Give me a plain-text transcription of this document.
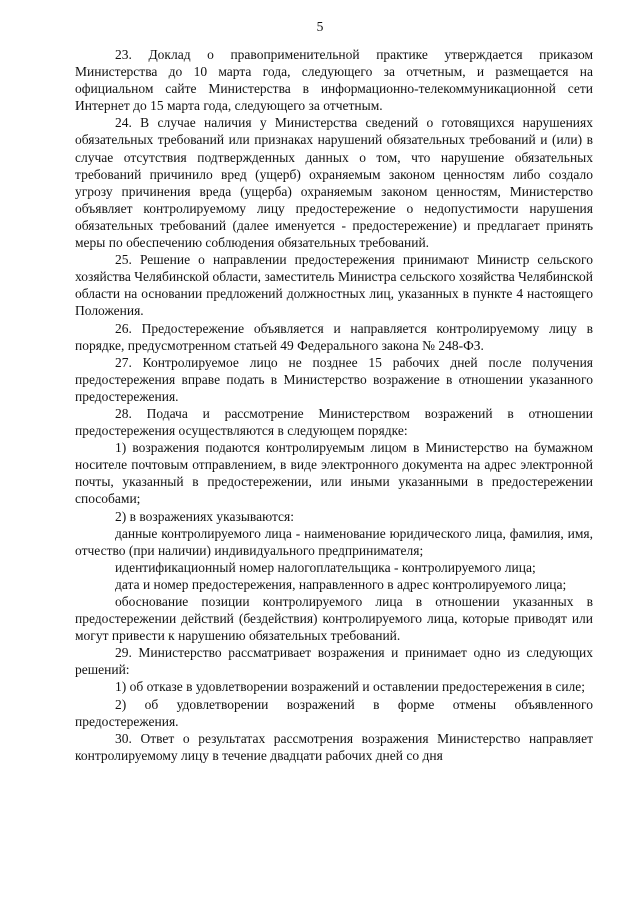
5

23. Доклад о правоприменительной практике утверждается приказом Министерства до 10 марта года, следующего за отчетным, и размещается на официальном сайте Министерства в информационно-телекоммуникационной сети Интернет до 15 марта года, следующего за отчетным.

24. В случае наличия у Министерства сведений о готовящихся нарушениях обязательных требований или признаках нарушений обязательных требований и (или) в случае отсутствия подтвержденных данных о том, что нарушение обязательных требований причинило вред (ущерб) охраняемым законом ценностям либо создало угрозу причинения вреда (ущерба) охраняемым законом ценностям, Министерство объявляет контролируемому лицу предостережение о недопустимости нарушения обязательных требований (далее именуется - предостережение) и предлагает принять меры по обеспечению соблюдения обязательных требований.

25. Решение о направлении предостережения принимают Министр сельского хозяйства Челябинской области, заместитель Министра сельского хозяйства Челябинской области на основании предложений должностных лиц, указанных в пункте 4 настоящего Положения.

26. Предостережение объявляется и направляется контролируемому лицу в порядке, предусмотренном статьей 49 Федерального закона № 248-ФЗ.

27. Контролируемое лицо не позднее 15 рабочих дней после получения предостережения вправе подать в Министерство возражение в отношении указанного предостережения.

28. Подача и рассмотрение Министерством возражений в отношении предостережения осуществляются в следующем порядке:

1) возражения подаются контролируемым лицом в Министерство на бумажном носителе почтовым отправлением, в виде электронного документа на адрес электронной почты, указанный в предостережении, или иными указанными в предостережении способами;

2) в возражениях указываются:

данные контролируемого лица - наименование юридического лица, фамилия, имя, отчество (при наличии) индивидуального предпринимателя;

идентификационный номер налогоплательщика - контролируемого лица;

дата и номер предостережения, направленного в адрес контролируемого лица;

обоснование позиции контролируемого лица в отношении указанных в предостережении действий (бездействия) контролируемого лица, которые приводят или могут привести к нарушению обязательных требований.

29. Министерство рассматривает возражения и принимает одно из следующих решений:

1) об отказе в удовлетворении возражений и оставлении предостережения в силе;

2) об удовлетворении возражений в форме отмены объявленного предостережения.

30. Ответ о результатах рассмотрения возражения Министерство направляет контролируемому лицу в течение двадцати рабочих дней со дня
